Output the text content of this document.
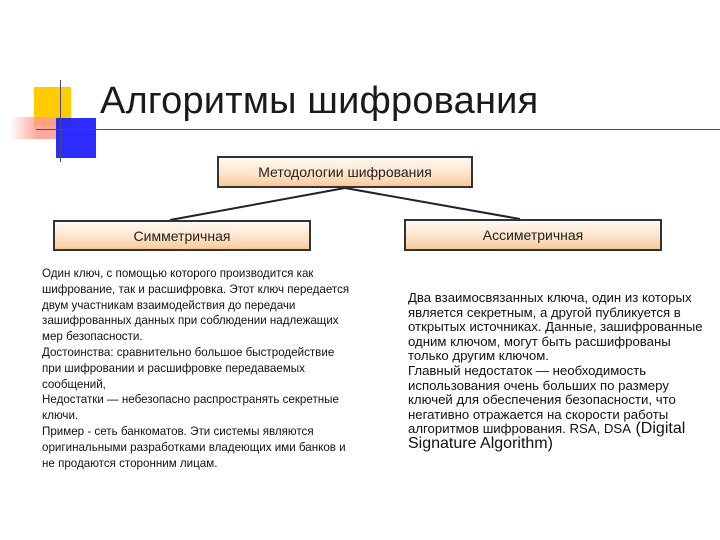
Алгоритмы шифрования
Методологии шифрования
Симметричная	Ассиметричная

Один ключ, с помощью которого производится как шифрование, так и расшифровка. Этот ключ передается двум участникам взаимодействия до передачи зашифрованных данных при соблюдении надлежащих мер безопасности.

Достоинства: сравнительно большое быстродействие при шифровании и расшифровке передаваемых сообщений,

Недостатки — небезопасно распространять секретные ключи.

Пример - сеть банкоматов. Эти системы являются оригинальными разработками владеющих ими банков и не продаются сторонним лицам.

Два взаимосвязанных ключа, один из которых является секретным, а другой публикуется в открытых источниках. Данные, зашифрованные одним ключом, могут быть расшифрованы только другим ключом.

Главный недостаток — необходимость использования очень больших по размеру ключей для обеспечения безопасности, что негативно отражается на скорости работы алгоритмов шифрования. RSA, DSA (Digital Signature Algorithm)
